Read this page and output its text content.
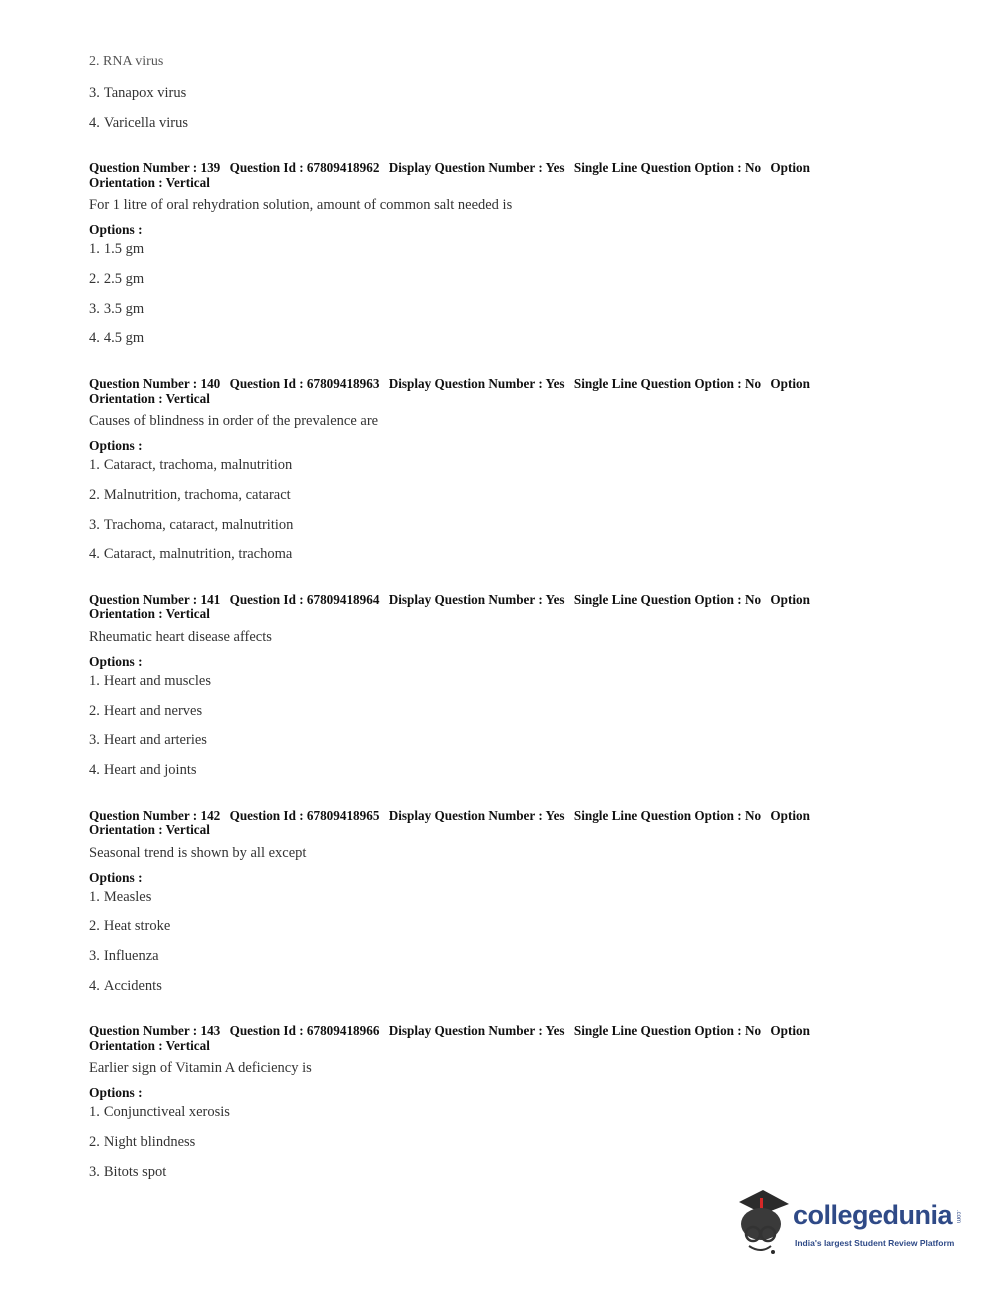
2. RNA virus
3. Tanapox virus
4. Varicella virus
Question Number : 139 Question Id : 67809418962 Display Question Number : Yes Single Line Question Option : No Option
Orientation : Vertical
For 1 litre of oral rehydration solution, amount of common salt needed is
Options :
1. 1.5 gm
2. 2.5 gm
3. 3.5 gm
4. 4.5 gm
Question Number : 140 Question Id : 67809418963 Display Question Number : Yes Single Line Question Option : No Option
Orientation : Vertical
Causes of blindness in order of the prevalence are
Options :
1. Cataract, trachoma, malnutrition
2. Malnutrition, trachoma, cataract
3. Trachoma, cataract, malnutrition
4. Cataract, malnutrition, trachoma
Question Number : 141 Question Id : 67809418964 Display Question Number : Yes Single Line Question Option : No Option
Orientation : Vertical
Rheumatic heart disease affects
Options :
1. Heart and muscles
2. Heart and nerves
3. Heart and arteries
4. Heart and joints
Question Number : 142 Question Id : 67809418965 Display Question Number : Yes Single Line Question Option : No Option
Orientation : Vertical
Seasonal trend is shown by all except
Options :
1. Measles
2. Heat stroke
3. Influenza
4. Accidents
Question Number : 143 Question Id : 67809418966 Display Question Number : Yes Single Line Question Option : No Option
Orientation : Vertical
Earlier sign of Vitamin A deficiency is
Options :
1. Conjunctiveal xerosis
2. Night blindness
3. Bitots spot
collegedunia .com
India's largest Student Review Platform
